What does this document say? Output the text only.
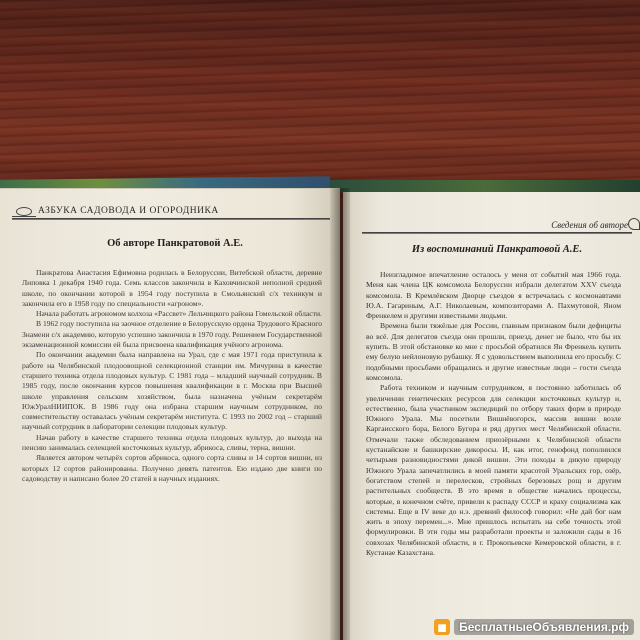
АЗБУКА САДОВОДА И ОГОРОДНИКА
Сведения об авторе
Об авторе Панкратовой А.Е.
Из воспоминаний Панкратовой А.Е.

Панкратова Анастасия Ефимовна родилась в Белоруссии, Витебской области, деревне Липовка 1 декабря 1940 года. Семь классов закончила в Каховчинской неполной средней школе, по окончании которой в 1954 году поступила в Смольянский с/х техникум и закончила его в 1958 году по специальности «агроном».

Начала работать агрономом колхоза «Рассвет» Лельчицкого района Гомельской области.

В 1962 году поступила на заочное отделение в Белорусскую ордена Трудового Красного Знамени с/х академию, которую успешно закончила в 1970 году. Решением Государственной экзаменационной комиссии ей была присвоена квалификация учёного агронома.

По окончании академии была направлена на Урал, где с мая 1971 года приступила к работе на Челябинской плодоовощной селекционной станции им. Мичурина в качестве старшего техника отдела плодовых культур. С 1981 года – младший научный сотрудник. В 1985 году, после окончания курсов повышения квалификации в г. Москва при Высшей школе управления сельским хозяйством, была назначена учёным секретарём ЮжУралНИИПОК. В 1986 году она избрана старшим научным сотрудником, по совместительству оставалась учёным секретарём института. С 1993 по 2002 год – старший научный сотрудник в лаборатории селекции плодовых культур.

Начав работу в качестве старшего техника отдела плодовых культур, до выхода на пенсию занималась селекцией косточковых культур, абрикоса, сливы, терна, вишни.

Является автором четырёх сортов абрикоса, одного сорта сливы и 14 сортов вишни, из которых 12 сортов районированы. Получено девять патентов. Ею издано две книги по садоводству и написано более 20 статей в научных изданиях.

Неизгладимое впечатление осталось у меня от событий мая 1966 года. Меня как члена ЦК комсомола Белоруссии избрали делегатом XXV съезда комсомола. В Кремлёвском Дворце съездов я встречалась с космонавтами Ю.А. Гагариным, А.Г. Николаевым, композиторами А. Пахмутовой, Яном Френкелем и другими известными людьми.

Времена были тяжёлые для России, главным признаком были дефициты во всё. Для делегатов съезда они прошли, приезд, денег не было, что бы их купить. В этой обстановке ко мне с просьбой обратился Ян Френкель купить ему белую нейлоновую рубашку. Я с удовольствием выполнила его просьбу. С подобными просьбами обращались и другие известные люди – гости съезда комсомола.

Работа техником и научным сотрудником, я постоянно заботилась об увеличении генетических ресурсов для селекции косточковых культур и, естественно, была участником экспедиций по отбору таких форм в природе Южного Урала. Мы посетили Вишнёвогорск, массив вишни возле Каргаисского бора, Белого Бугора и ряд других мест Челябинской области. Отмечали также обследованием приозёрными к Челябинской области кустанайские и башкирские дикоросы. И, как итог, генофонд пополнился четырьмя разновидностями дикой вишни. Эти походы в дикую природу Южного Урала запечатлились в моей памяти красотой Уральских гор, озёр, богатством степей и перелесков, стройных березовых рощ и другим растительных сообществ. В это время в обществе начались процессы, которые, в конечном счёте, привели к распаду СССР и краху социализма как системы. Еще в IV веке до н.э. древний философ говорил: «Не дай бог нам жить в эпоху перемен...». Мне пришлось испытать на себе точность этой формулировки. В эти годы мы разработали проекты и заложили сады в 16 совхозах Челябинской области, в г. Прокопьевске Кемеровской области, в г. Кустанае Казахстана.

◼	БесплатныеОбъявления.рф
